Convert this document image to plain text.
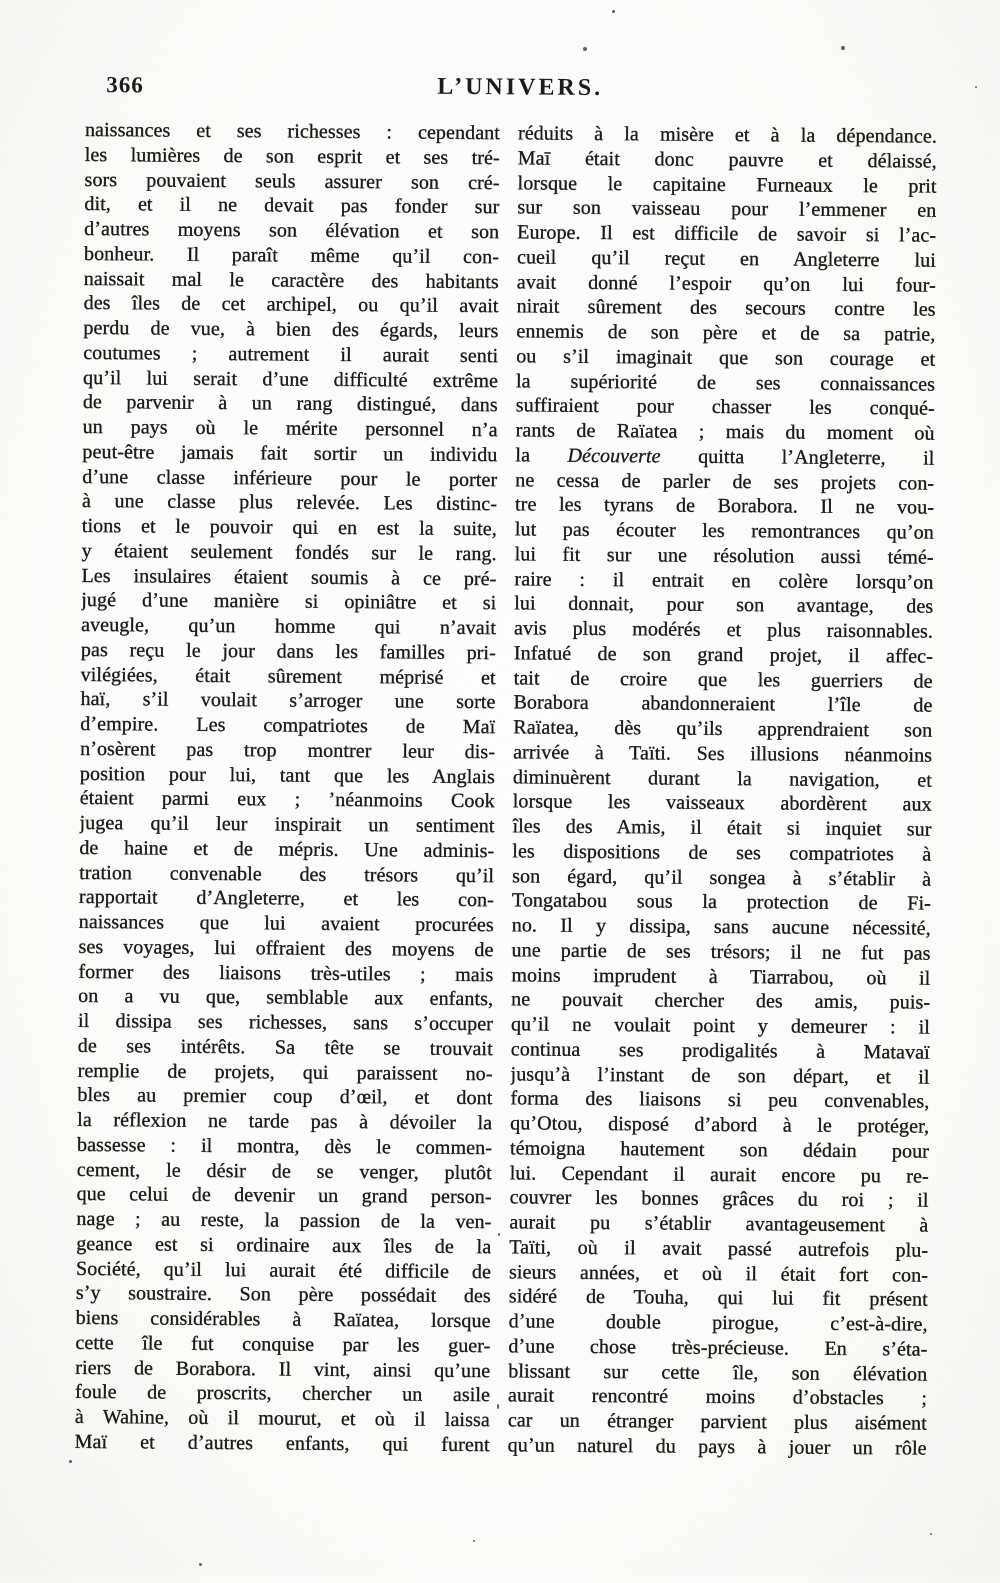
366	L’UNIVERS.
naissances et ses richesses : cependant
les lumières de son esprit et ses tré-
sors pouvaient seuls assurer son cré-
dit, et il ne devait pas fonder sur
d’autres moyens son élévation et son
bonheur. Il paraît même qu’il con-
naissait mal le caractère des habitants
des îles de cet archipel, ou qu’il avait
perdu de vue, à bien des égards, leurs
coutumes ; autrement il aurait senti
qu’il lui serait d’une difficulté extrême
de parvenir à un rang distingué, dans
un pays où le mérite personnel n’a
peut-être jamais fait sortir un individu
d’une classe inférieure pour le porter
à une classe plus relevée. Les distinc-
tions et le pouvoir qui en est la suite,
y étaient seulement fondés sur le rang.
Les insulaires étaient soumis à ce pré-
jugé d’une manière si opiniâtre et si
aveugle, qu’un homme qui n’avait
pas reçu le jour dans les familles pri-
vilégiées, était sûrement méprisé et
haï, s’il voulait s’arroger une sorte
d’empire. Les compatriotes de Maï
n’osèrent pas trop montrer leur dis-
position pour lui, tant que les Anglais
étaient parmi eux ; ’néanmoins Cook
jugea qu’il leur inspirait un sentiment
de haine et de mépris. Une adminis-
tration convenable des trésors qu’il
rapportait d’Angleterre, et les con-
naissances que lui avaient procurées
ses voyages, lui offraient des moyens de
former des liaisons très-utiles ; mais
on a vu que, semblable aux enfants,
il dissipa ses richesses, sans s’occuper
de ses intérêts. Sa tête se trouvait
remplie de projets, qui paraissent no-
bles au premier coup d’œil, et dont
la réflexion ne tarde pas à dévoiler la
bassesse : il montra, dès le commen-
cement, le désir de se venger, plutôt
que celui de devenir un grand person-
nage ; au reste, la passion de la ven-
geance est si ordinaire aux îles de la
Société, qu’il lui aurait été difficile de
s’y soustraire. Son père possédait des
biens considérables à Raïatea, lorsque
cette île fut conquise par les guer-
riers de Borabora. Il vint, ainsi qu’une
foule de proscrits, chercher un asile
à Wahine, où il mourut, et où il laissa
Maï et d’autres enfants, qui furent
réduits à la misère et à la dépendance.
Maī était donc pauvre et délaissé,
lorsque le capitaine Furneaux le prit
sur son vaisseau pour l’emmener en
Europe. Il est difficile de savoir si l’ac-
cueil qu’il reçut en Angleterre lui
avait donné l’espoir qu’on lui four-
nirait sûrement des secours contre les
ennemis de son père et de sa patrie,
ou s’il imaginait que son courage et
la supériorité de ses connaissances
suffiraient pour chasser les conqué-
rants de Raïatea ; mais du moment où
la Découverte quitta l’Angleterre, il
ne cessa de parler de ses projets con-
tre les tyrans de Borabora. Il ne vou-
lut pas écouter les remontrances qu’on
lui fit sur une résolution aussi témé-
raire : il entrait en colère lorsqu’on
lui donnait, pour son avantage, des
avis plus modérés et plus raisonnables.
Infatué de son grand projet, il affec-
tait de croire que les guerriers de
Borabora abandonneraient l’île de
Raïatea, dès qu’ils apprendraient son
arrivée à Taïti. Ses illusions néanmoins
diminuèrent durant la navigation, et
lorsque les vaisseaux abordèrent aux
îles des Amis, il était si inquiet sur
les dispositions de ses compatriotes à
son égard, qu’il songea à s’établir à
Tongatabou sous la protection de Fi-
no. Il y dissipa, sans aucune nécessité,
une partie de ses trésors; il ne fut pas
moins imprudent à Tiarrabou, où il
ne pouvait chercher des amis, puis-
qu’il ne voulait point y demeurer : il
continua ses prodigalités à Matavaï
jusqu’à l’instant de son départ, et il
forma des liaisons si peu convenables,
qu’Otou, disposé d’abord à le protéger,
témoigna hautement son dédain pour
lui. Cependant il aurait encore pu re-
couvrer les bonnes grâces du roi ; il
aurait pu s’établir avantageusement à
Taïti, où il avait passé autrefois plu-
sieurs années, et où il était fort con-
sidéré de Touha, qui lui fit présent
d’une double pirogue, c’est-à-dire,
d’une chose très-précieuse. En s’éta-
blissant sur cette île, son élévation
aurait rencontré moins d’obstacles ;
car un étranger parvient plus aisément
qu’un naturel du pays à jouer un rôle
